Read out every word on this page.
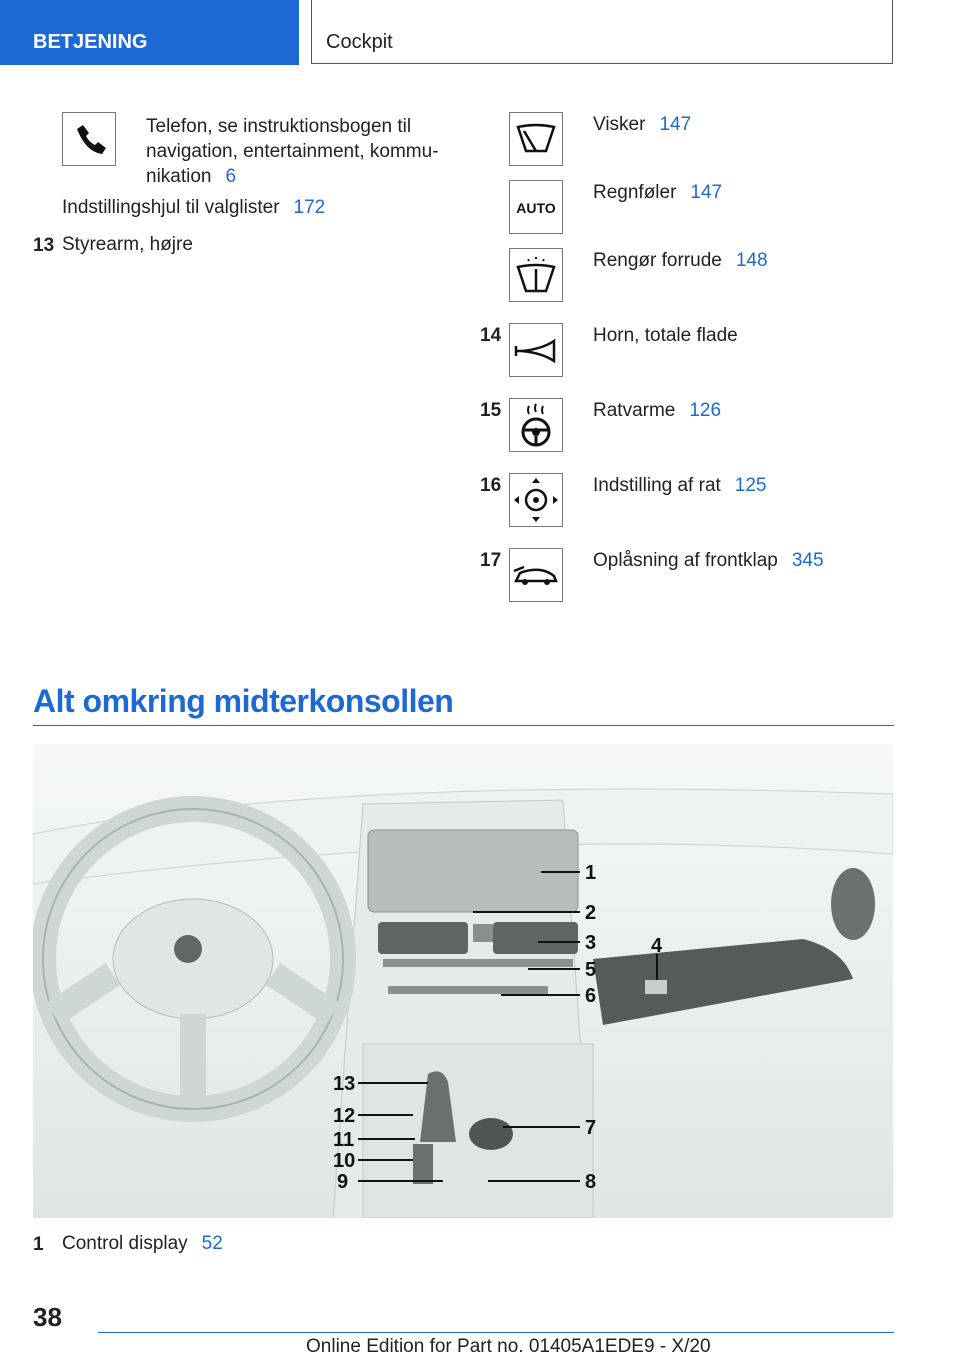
BETJENING	Cockpit
Telefon, se instruktionsbogen til
navigation, entertainment, kommu-
nikation 6
Indstillingshjul til valglister 172
13 Styrearm, højre
Visker 147
AUTO
Regnføler 147
Rengør forrude 148
14	Horn, totale flade
15	Ratvarme 126
16	Indstilling af rat 125
17	Oplåsning af frontklap 345
Alt omkring midterkonsollen
1
2
3	4
5
6
7
8
9
10
11
12
13
1 Control display 52
38
Online Edition for Part no. 01405A1EDE9 - X/20
